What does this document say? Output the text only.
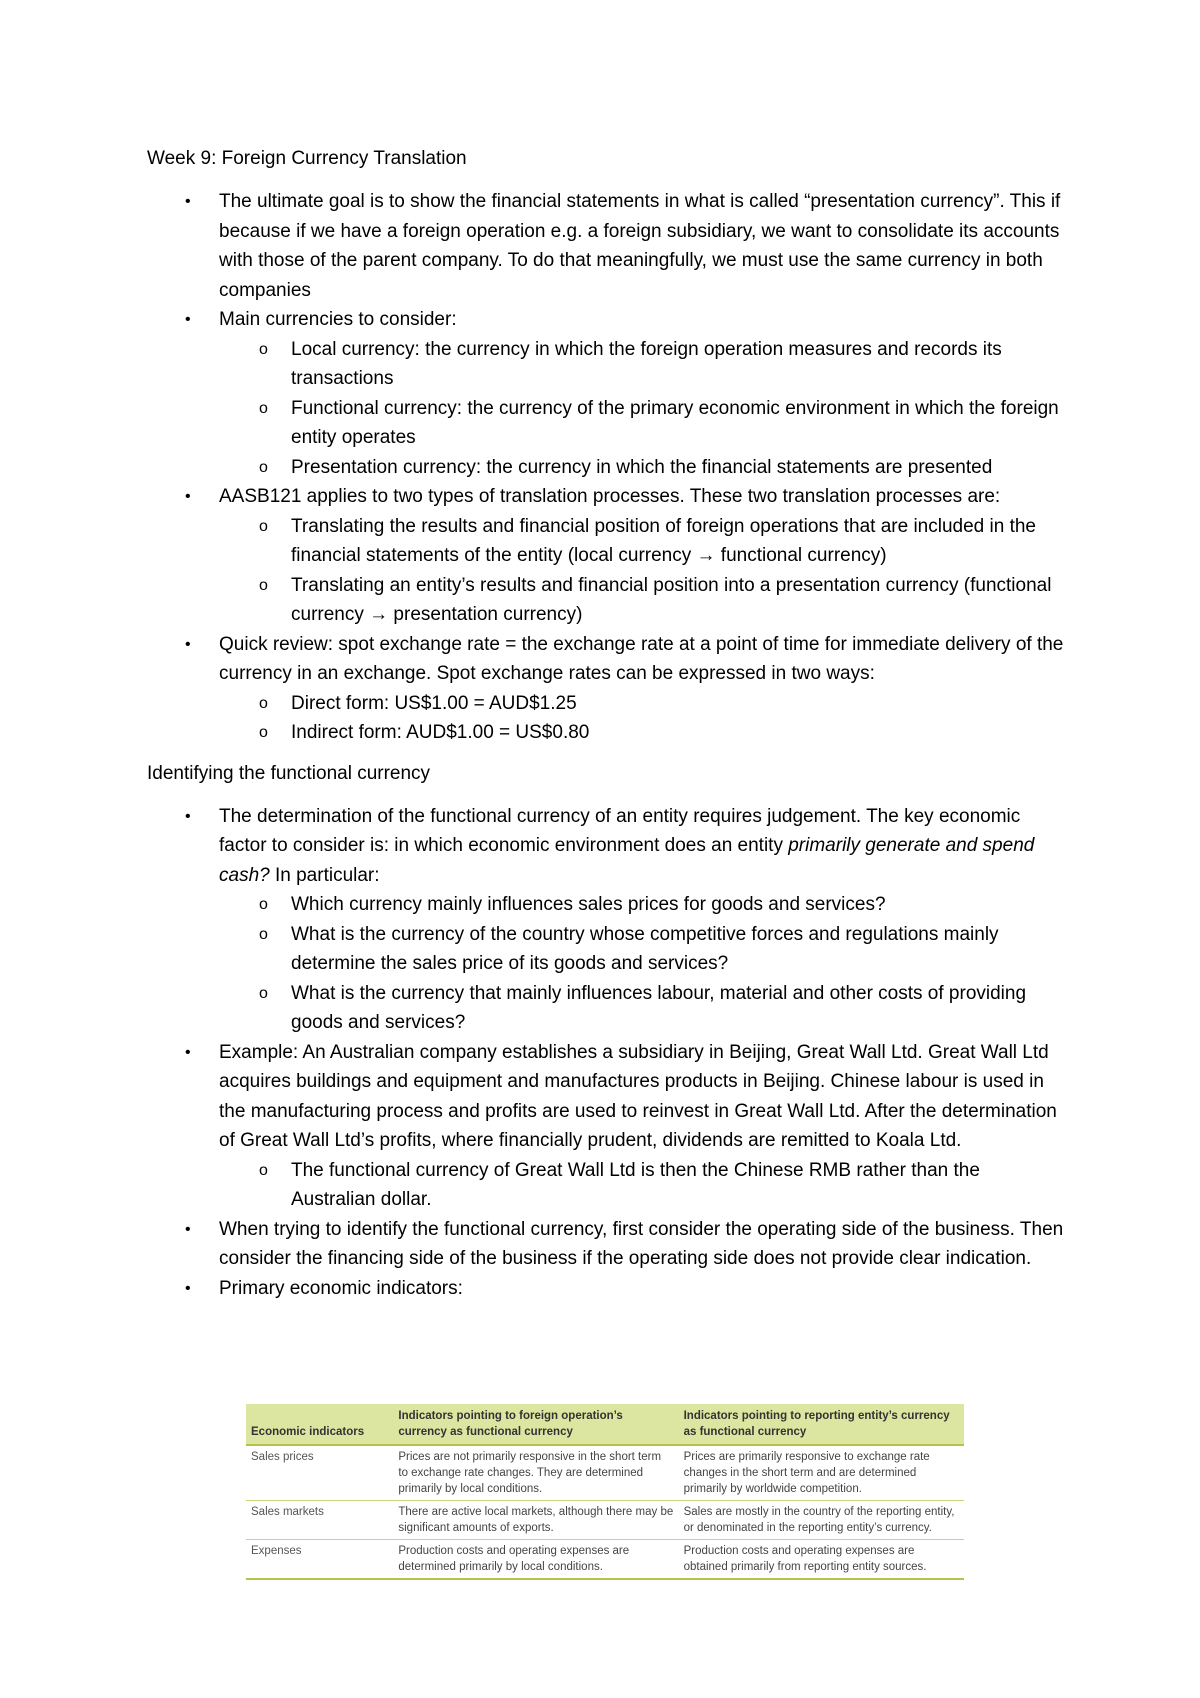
Week 9: Foreign Currency Translation

• The ultimate goal is to show the financial statements in what is called “presentation currency”. This if because if we have a foreign operation e.g. a foreign subsidiary, we want to consolidate its accounts with those of the parent company. To do that meaningfully, we must use the same currency in both companies
• Main currencies to consider:
o Local currency: the currency in which the foreign operation measures and records its transactions
o Functional currency: the currency of the primary economic environment in which the foreign entity operates
o Presentation currency: the currency in which the financial statements are presented
• AASB121 applies to two types of translation processes. These two translation processes are:
o Translating the results and financial position of foreign operations that are included in the financial statements of the entity (local currency → functional currency)
o Translating an entity’s results and financial position into a presentation currency (functional currency → presentation currency)
• Quick review: spot exchange rate = the exchange rate at a point of time for immediate delivery of the currency in an exchange. Spot exchange rates can be expressed in two ways:
o Direct form: US$1.00 = AUD$1.25
o Indirect form: AUD$1.00 = US$0.80

Identifying the functional currency

• The determination of the functional currency of an entity requires judgement. The key economic factor to consider is: in which economic environment does an entity primarily generate and spend cash? In particular:
o Which currency mainly influences sales prices for goods and services?
o What is the currency of the country whose competitive forces and regulations mainly determine the sales price of its goods and services?
o What is the currency that mainly influences labour, material and other costs of providing goods and services?
• Example: An Australian company establishes a subsidiary in Beijing, Great Wall Ltd. Great Wall Ltd acquires buildings and equipment and manufactures products in Beijing. Chinese labour is used in the manufacturing process and profits are used to reinvest in Great Wall Ltd. After the determination of Great Wall Ltd’s profits, where financially prudent, dividends are remitted to Koala Ltd.
o The functional currency of Great Wall Ltd is then the Chinese RMB rather than the Australian dollar.
• When trying to identify the functional currency, first consider the operating side of the business. Then consider the financing side of the business if the operating side does not provide clear indication.
• Primary economic indicators:
Economic indicators	Indicators pointing to foreign operation’s currency as functional currency	Indicators pointing to reporting entity’s currency as functional currency
Sales prices	Prices are not primarily responsive in the short term to exchange rate changes. They are determined primarily by local conditions.	Prices are primarily responsive to exchange rate changes in the short term and are determined primarily by worldwide competition.
Sales markets	There are active local markets, although there may be significant amounts of exports.	Sales are mostly in the country of the reporting entity, or denominated in the reporting entity’s currency.
Expenses	Production costs and operating expenses are determined primarily by local conditions.	Production costs and operating expenses are obtained primarily from reporting entity sources.
